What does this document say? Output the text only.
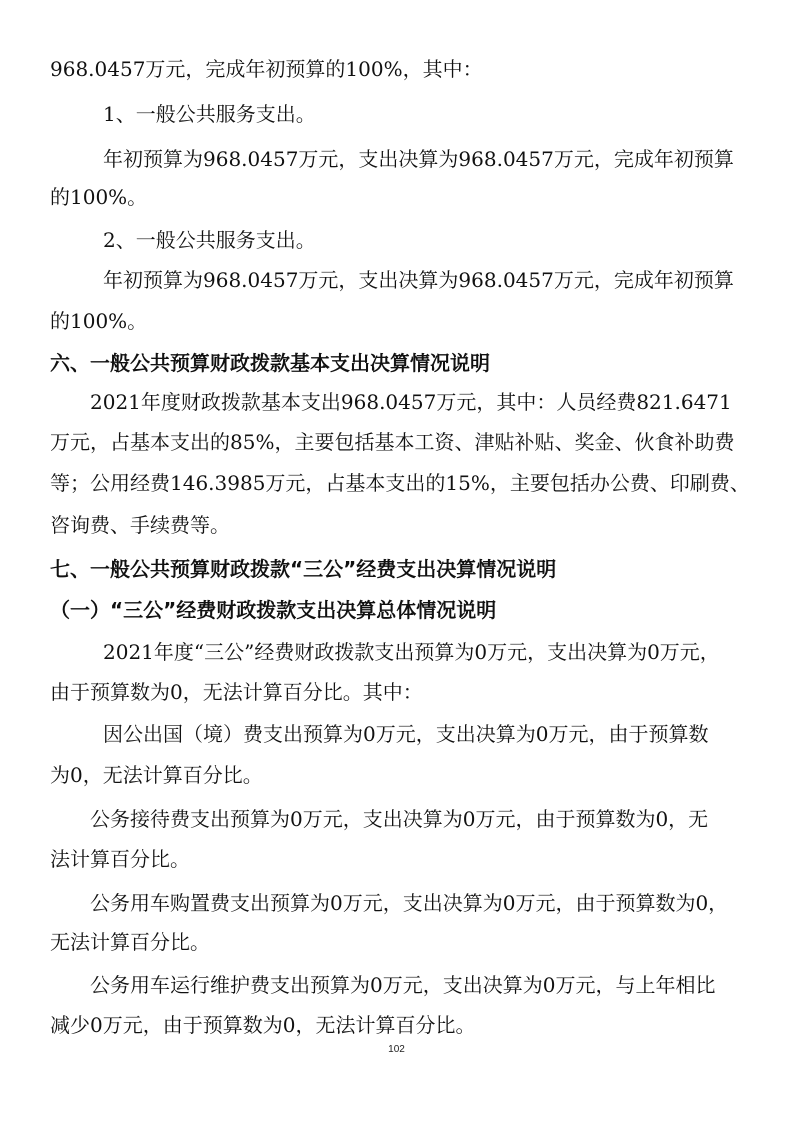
968.0457万元，完成年初预算的100%，其中：
1、一般公共服务支出。
年初预算为968.0457万元，支出决算为968.0457万元，完成年初预算
的100%。
2、一般公共服务支出。
年初预算为968.0457万元，支出决算为968.0457万元，完成年初预算
的100%。
六、一般公共预算财政拨款基本支出决算情况说明
2021年度财政拨款基本支出968.0457万元，其中：人员经费821.6471
万元，占基本支出的85%，主要包括基本工资、津贴补贴、奖金、伙食补助费
等；公用经费146.3985万元，占基本支出的15%，主要包括办公费、印刷费、
咨询费、手续费等。
七、一般公共预算财政拨款“三公”经费支出决算情况说明
（一）“三公”经费财政拨款支出决算总体情况说明
2021年度“三公”经费财政拨款支出预算为0万元，支出决算为0万元，
由于预算数为0，无法计算百分比。其中：
因公出国（境）费支出预算为0万元，支出决算为0万元，由于预算数
为0，无法计算百分比。
公务接待费支出预算为0万元，支出决算为0万元，由于预算数为0，无
法计算百分比。
公务用车购置费支出预算为0万元，支出决算为0万元，由于预算数为0，
无法计算百分比。
公务用车运行维护费支出预算为0万元，支出决算为0万元，与上年相比
减少0万元，由于预算数为0，无法计算百分比。
102
